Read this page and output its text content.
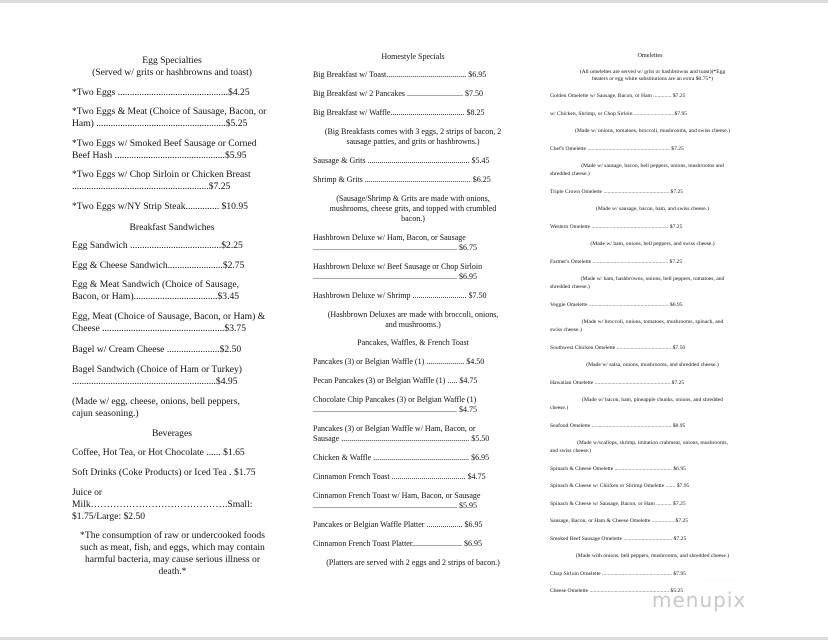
Egg Specialties
(Served w/ grits or hashbrowns and toast)
*Two Eggs ..............................................$4.25
*Two Eggs & Meat (Choice of Sausage, Bacon, or
Ham) ......................................................$5.25
*Two Eggs w/ Smoked Beef Sausage or Corned
Beef Hash ..............................................$5.95
*Two Eggs w/ Chop Sirloin or Chicken Breast
.........................................................$7.25
*Two Eggs w/NY Strip Steak.............. $10.95
Breakfast Sandwiches
Egg Sandwich ......................................$2.25
Egg & Cheese Sandwich.......................$2.75
Egg & Meat Sandwich (Choice of Sausage,
Bacon, or Ham)...................................$3.45
Egg, Meat (Choice of Sausage, Bacon, or Ham) &
Cheese ...................................................$3.75
Bagel w/ Cream Cheese ......................$2.50
Bagel Sandwich (Choice of Ham or Turkey)
............................................................$4.95
(Made w/ egg, cheese, onions, bell peppers,
cajun seasoning.)
Beverages
Coffee, Hot Tea, or Hot Chocolate ...... $1.65
Soft Drinks (Coke Products) or Iced Tea . $1.75
Juice or
Milk…………………………………….Small:
$1.75/Large: $2.50
*The consumption of raw or undercooked foods
such as meat, fish, and eggs, which may contain
harmful bacteria, may cause serious illness or
death.*
Homestyle Specials
Big Breakfast w/ Toast........................................ $6.95
Big Breakfast w/ 2 Pancakes ............................ $7.50
Big Breakfast w/ Waffle..................................... $8.25
(Big Breakfasts comes with 3 eggs, 2 strips of bacon, 2
sausage patties, and grits or hashbrowns.)
Sausage & Grits ................................................... $5.45
Shrimp & Grits ..................................................... $6.25
(Sausage/Shrimp & Grits are made with onions,
mushrooms, cheese grits, and topped with crumbled
bacon.)
Hashbrown Deluxe w/ Ham, Bacon, or Sausage
........................................................................ $6.75
Hashbrown Deluxe w/ Beef Sausage or Chop Sirloin
........................................................................ $6.95
Hashbrown Deluxe w/ Shrimp ........................... $7.50
(Hashbrown Deluxes are made with broccoli, onions,
and mushrooms.)
Pancakes, Waffles, & French Toast
Pancakes (3) or Belgian Waffle (1) ................... $4.50
Pecan Pancakes (3) or Belgian Waffle (1) ..... $4.75
Chocolate Chip Pancakes (3) or Belgian Waffle (1)
........................................................................ $4.75
Pancakes (3) or Belgian Waffle w/ Ham, Bacon, or
Sausage ................................................................ $5.50
Chicken & Waffle ................................................ $6.95
Cinnamon French Toast ..................................... $4.75
Cinnamon French Toast w/ Ham, Bacon, or Sausage
........................................................................ $5.95
Pancakes or Belgian Waffle Platter .................. $6.95
Cinnamon French Toast Platter......................... $6.95
(Platters are served with 2 eggs and 2 strips of bacon.)
Omelettes
(All omelettes are served w/ grits or hashbrowns and toast)(*Egg
beaters or egg white substitutions are an extra $0.75*)
Golden Omelette w/ Sausage, Bacon, or Ham ............. $7.25
w/ Chicken, Shrimp, or Chop Sirloin ............................ $7.95
(Made w/ onions, tomatoes, broccoli, mushrooms, and swiss cheese.)
Chef's Omelette ........................................................... $7.25
(Made w/ sausage, bacon, bell peppers, onions, mushrooms and
shredded cheese.)
Triple Crown Omelette ............................................... $7.25
(Made w/ sausage, bacon, ham, and swiss cheese.)
Western Omelette ....................................................... $7.25
(Made w/ ham, onions, bell peppers, and swiss cheese.)
Farmer's Omelette ...................................................... $7.25
(Made w/ ham, hashbrowns, onions, bell peppers, tomatoes, and
shredded cheese.)
Veggie Omelette ......................................................... $6.95
(Made w/ broccoli, onions, tomatoes, mushrooms, spinach, and
swiss cheese.)
Southwest Chicken Omelette ....................................... $7.50
(Made w/ salsa, onions, mushrooms, and shredded cheese.)
Hawaiian Omelette ...................................................... $7.25
(Made w/ bacon, ham, pineapple chunks, onions, and shredded
cheese.)
Seafood Omelette ......................................................... $8.95
(Made w/scallops, shrimp, imitation crabmeat, onions, mushrooms,
and swiss cheese.)
Spinach & Cheese Omelette ......................................... $6.95
Spinach & Cheese w/ Chicken or Shrimp Omelette ....... $7.95
Spinach & Cheese w/ Sausage, Bacon, or Ham ........... $7.25
Sausage, Bacon, or Ham & Cheese Omelette ................ $7.25
Smoked Beef Sausage Omelette ................................... $7.25
(Made with onions, bell peppers, mushrooms, and shredded cheese.)
Chop Sirloin Omelette .................................................. $7.95
Cheese Omelette ......................................................... $5.25
· · · · · · · ·
menupix
